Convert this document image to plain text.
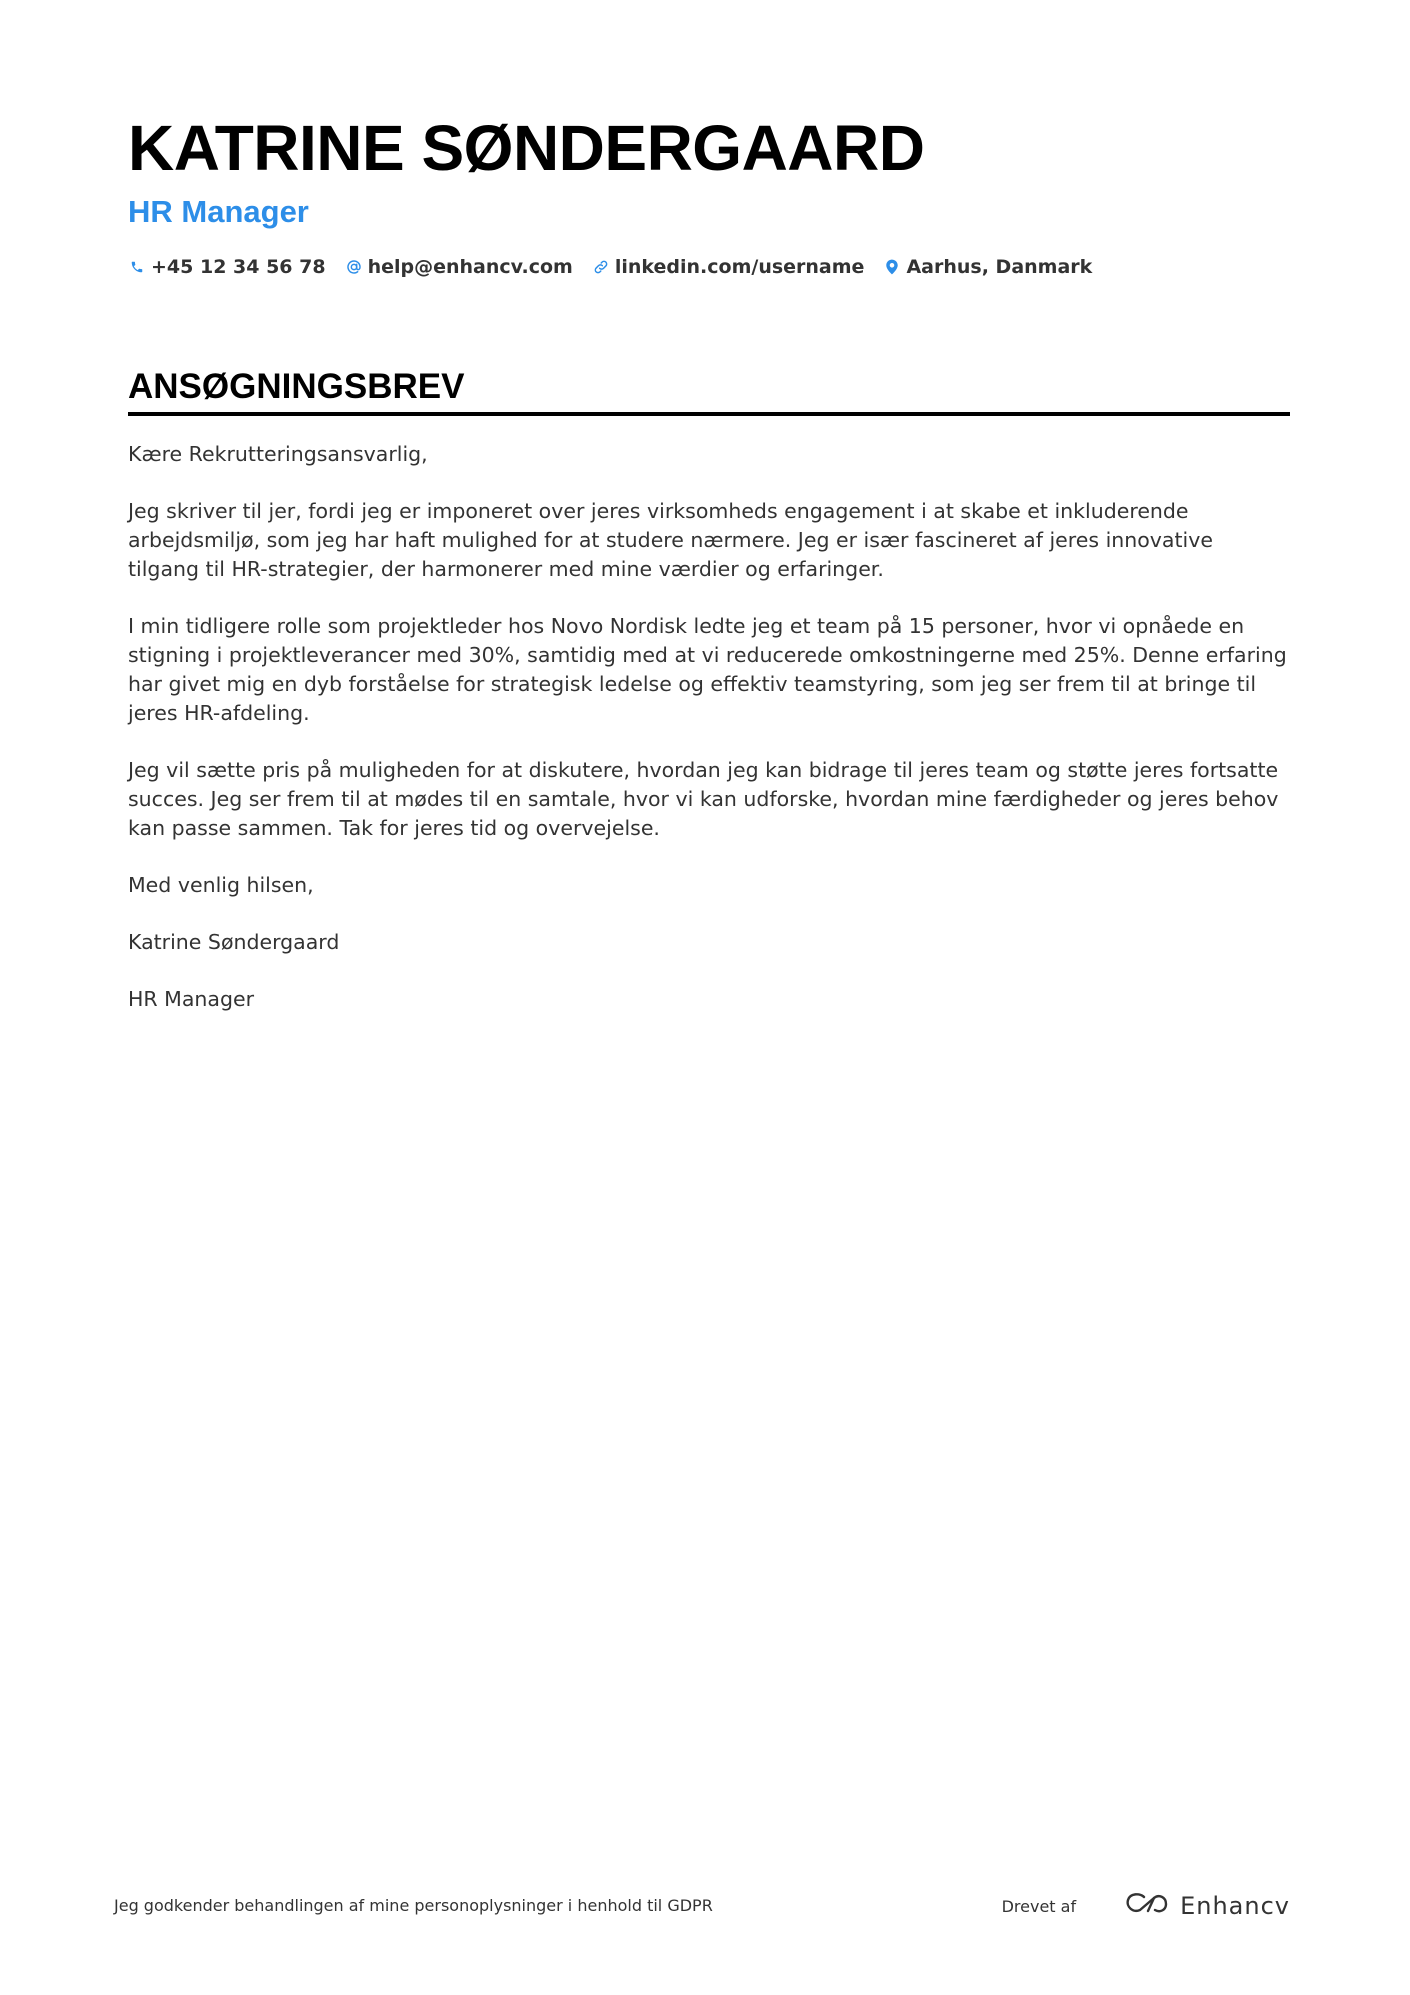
KATRINE SØNDERGAARD
HR Manager
+45 12 34 56 78 help@enhancv.com linkedin.com/username Aarhus, Danmark
ANSØGNINGSBREV

Kære Rekrutteringsansvarlig,

Jeg skriver til jer, fordi jeg er imponeret over jeres virksomheds engagement i at skabe et inkluderende arbejdsmiljø, som jeg har haft mulighed for at studere nærmere. Jeg er især fascineret af jeres innovative tilgang til HR-strategier, der harmonerer med mine værdier og erfaringer.

I min tidligere rolle som projektleder hos Novo Nordisk ledte jeg et team på 15 personer, hvor vi opnåede en stigning i projektleverancer med 30%, samtidig med at vi reducerede omkostningerne med 25%. Denne erfaring har givet mig en dyb forståelse for strategisk ledelse og effektiv teamstyring, som jeg ser frem til at bringe til jeres HR-afdeling.

Jeg vil sætte pris på muligheden for at diskutere, hvordan jeg kan bidrage til jeres team og støtte jeres fortsatte succes. Jeg ser frem til at mødes til en samtale, hvor vi kan udforske, hvordan mine færdigheder og jeres behov kan passe sammen. Tak for jeres tid og overvejelse.

Med venlig hilsen,

Katrine Søndergaard

HR Manager

Jeg godkender behandlingen af mine personoplysninger i henhold til GDPR	Drevet af	Enhancv
